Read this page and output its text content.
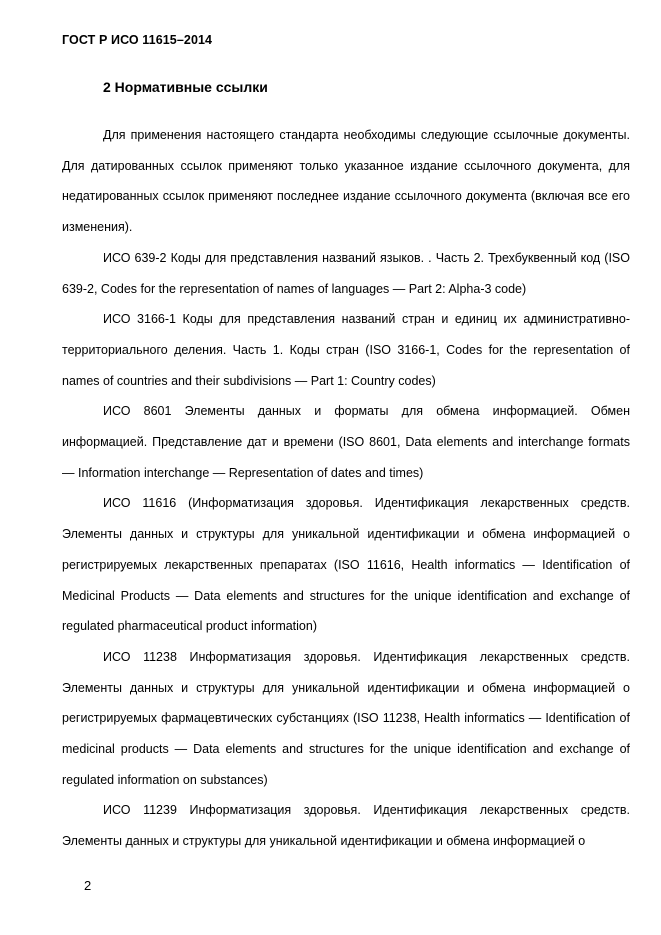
ГОСТ Р ИСО 11615–2014
2 Нормативные ссылки

Для применения настоящего стандарта необходимы следующие ссылочные документы. Для датированных ссылок применяют только указанное издание ссылочного документа, для недатированных ссылок применяют последнее издание ссылочного документа (включая все его изменения).

ИСО 639-2 Коды для представления названий языков. . Часть 2. Трехбуквенный код (ISO 639-2, Codes for the representation of names of languages — Part 2: Alpha-3 code)

ИСО 3166-1 Коды для представления названий стран и единиц их административно-территориального деления. Часть 1. Коды стран (ISO 3166-1, Codes for the representation of names of countries and their subdivisions — Part 1: Country codes)

ИСО 8601 Элементы данных и форматы для обмена информацией. Обмен информацией. Представление дат и времени (ISO 8601, Data elements and interchange formats — Information interchange — Representation of dates and times)

ИСО 11616 (Информатизация здоровья. Идентификация лекарственных средств. Элементы данных и структуры для уникальной идентификации и обмена информацией о регистрируемых лекарственных препаратах (ISO 11616, Health informatics — Identification of Medicinal Products — Data elements and structures for the unique identification and exchange of regulated pharmaceutical product information)

ИСО 11238 Информатизация здоровья. Идентификация лекарственных средств. Элементы данных и структуры для уникальной идентификации и обмена информацией о регистрируемых фармацевтических субстанциях (ISO 11238, Health informatics — Identification of medicinal products — Data elements and structures for the unique identification and exchange of regulated information on substances)

ИСО 11239 Информатизация здоровья. Идентификация лекарственных средств. Элементы данных и структуры для уникальной идентификации и обмена информацией о

2
